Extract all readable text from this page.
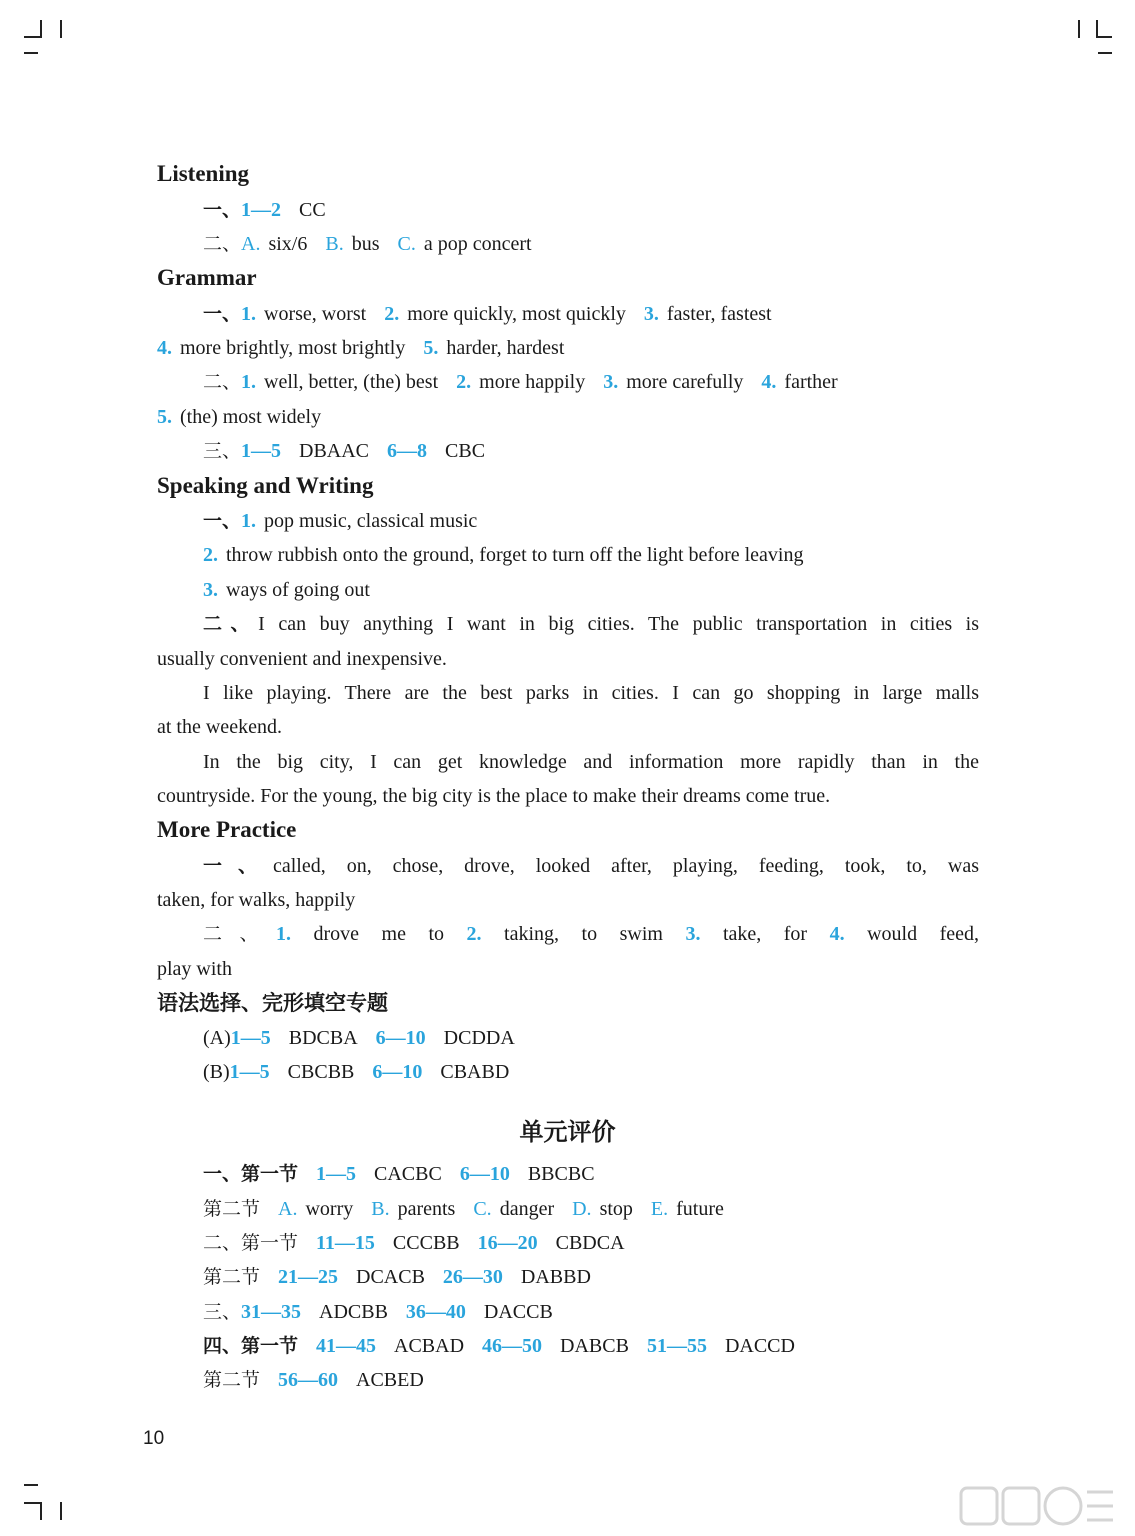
Listening
一、1—2 CC
二、A. six/6 B. bus C. a pop concert
Grammar
一、1. worse, worst 2. more quickly, most quickly 3. faster, fastest
4. more brightly, most brightly 5. harder, hardest
二、1. well, better, (the) best 2. more happily 3. more carefully 4. farther
5. (the) most widely
三、1—5 DBAAC 6—8 CBC
Speaking and Writing
一、1. pop music, classical music
2. throw rubbish onto the ground, forget to turn off the light before leaving
3. ways of going out
二、I can buy anything I want in big cities. The public transportation in cities is
usually convenient and inexpensive.
I like playing. There are the best parks in cities. I can go shopping in large malls
at the weekend.
In the big city, I can get knowledge and information more rapidly than in the
countryside. For the young, the big city is the place to make their dreams come true.
More Practice
一、called, on, chose, drove, looked after, playing, feeding, took, to, was
taken, for walks, happily
二、1. drove me to 2. taking, to swim 3. take, for 4. would feed,
play with
语法选择、完形填空专题
(A)1—5 BDCBA 6—10 DCDDA
(B)1—5 CBCBB 6—10 CBABD
单元评价
一、第一节 1—5 CACBC 6—10 BBCBC
第二节 A. worry B. parents C. danger D. stop E. future
二、第一节 11—15 CCCBB 16—20 CBDCA
第二节 21—25 DCACB 26—30 DABBD
三、31—35 ADCBB 36—40 DACCB
四、第一节 41—45 ACBAD 46—50 DABCB 51—55 DACCD
第二节 56—60 ACBED
10
